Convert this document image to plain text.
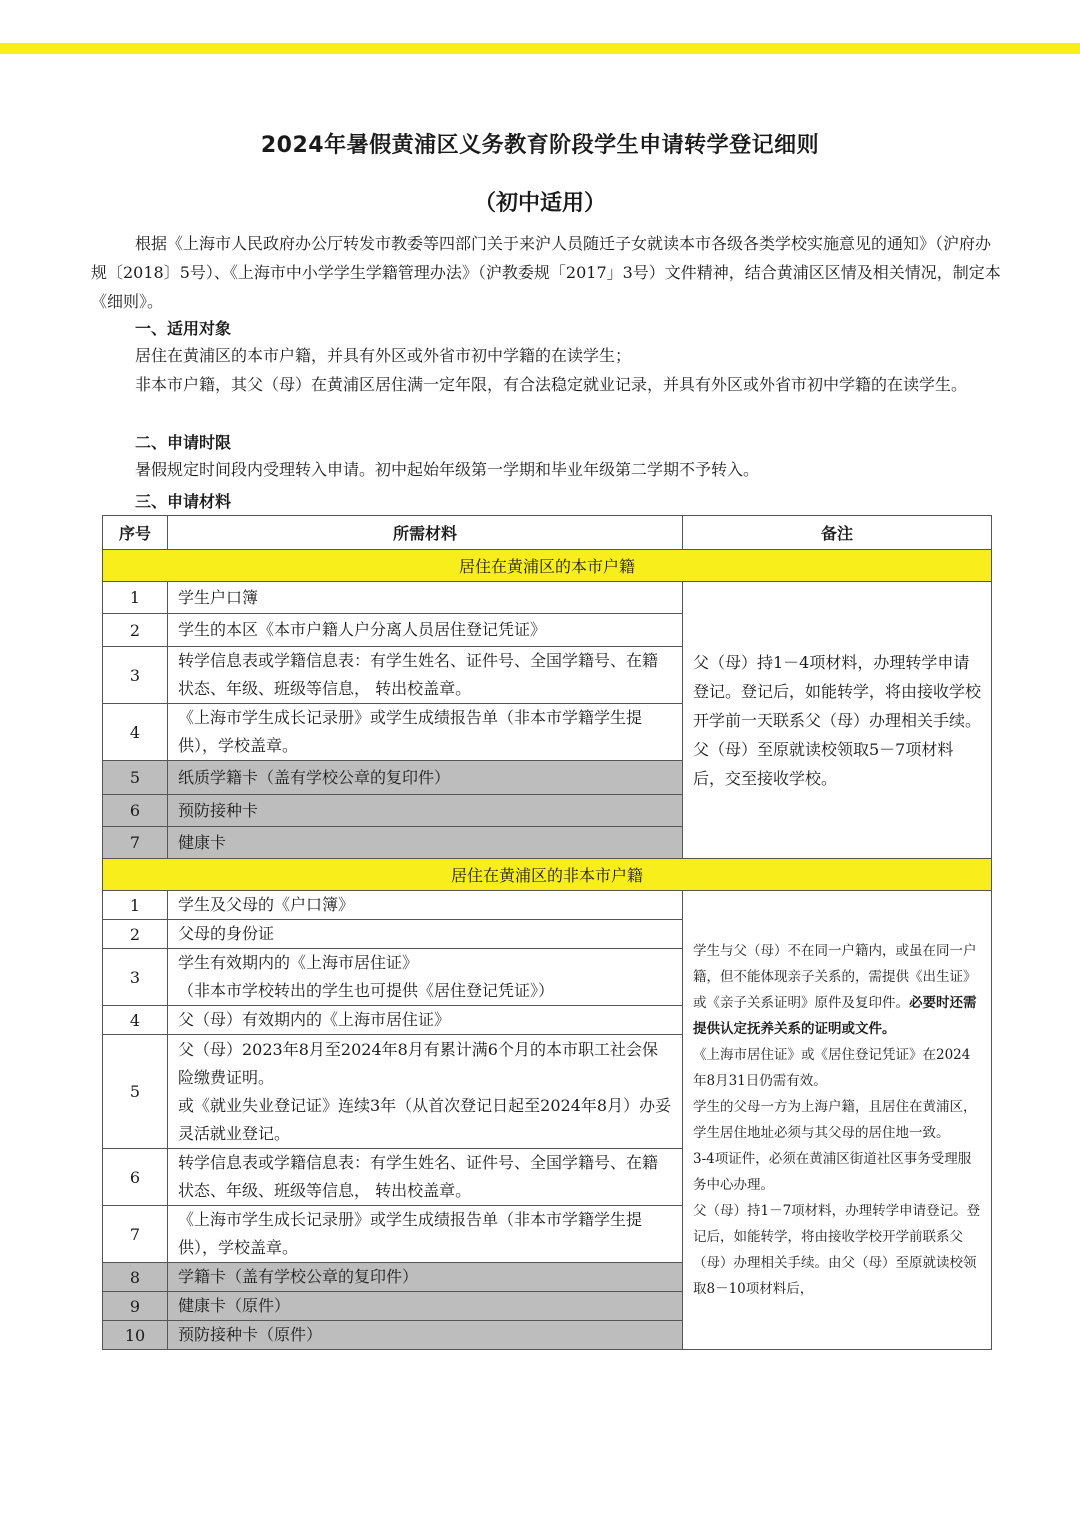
2024年暑假黄浦区义务教育阶段学生申请转学登记细则
（初中适用）
根据《上海市人民政府办公厅转发市教委等四部门关于来沪人员随迁子女就读本市各级各类学校实施意见的通知》（沪府办规〔2018〕5号）、《上海市中小学学生学籍管理办法》（沪教委规「2017」3号）文件精神，结合黄浦区区情及相关情况，制定本《细则》。
一、适用对象
居住在黄浦区的本市户籍，并具有外区或外省市初中学籍的在读学生；
非本市户籍，其父（母）在黄浦区居住满一定年限，有合法稳定就业记录，并具有外区或外省市初中学籍的在读学生。
二、申请时限
暑假规定时间段内受理转入申请。初中起始年级第一学期和毕业年级第二学期不予转入。
三、申请材料
序号	所需材料	备注
居住在黄浦区的本市户籍		
1	学生户口簿	父（母）持1－4项材料，办理转学申请登记。登记后，如能转学，将由接收学校开学前一天联系父（母）办理相关手续。

父（母）至原就读校领取5－7项材料后，交至接收学校。

2	学生的本区《本市户籍人户分离人员居住登记凭证》	
3	转学信息表或学籍信息表：有学生姓名、证件号、全国学籍号、在籍状态、年级、班级等信息， 转出校盖章。	
4	《上海市学生成长记录册》或学生成绩报告单（非本市学籍学生提供），学校盖章。	
5	纸质学籍卡（盖有学校公章的复印件）	
6	预防接种卡	
7	健康卡	
居住在黄浦区的非本市户籍		
1	学生及父母的《户口簿》	学生与父（母）不在同一户籍内，或虽在同一户籍，但不能体现亲子关系的，需提供《出生证》或《亲子关系证明》原件及复印件。必要时还需提供认定抚养关系的证明或文件。

《上海市居住证》或《居住登记凭证》在2024年8月31日仍需有效。

学生的父母一方为上海户籍，且居住在黄浦区，学生居住地址必须与其父母的居住地一致。

3-4项证件，必须在黄浦区街道社区事务受理服务中心办理。

父（母）持1－7项材料，办理转学申请登记。登记后，如能转学，将由接收学校开学前联系父（母）办理相关手续。由父（母）至原就读校领取8－10项材料后，

2	父母的身份证	
3	学生有效期内的《上海市居住证》
（非本市学校转出的学生也可提供《居住登记凭证》）	

4	父（母）有效期内的《上海市居住证》	
5	父（母）2023年8月至2024年8月有累计满6个月的本市职工社会保险缴费证明。
或《就业失业登记证》连续3年（从首次登记日起至2024年8月）办妥灵活就业登记。	

6	转学信息表或学籍信息表：有学生姓名、证件号、全国学籍号、在籍状态、年级、班级等信息， 转出校盖章。	
7	《上海市学生成长记录册》或学生成绩报告单（非本市学籍学生提供），学校盖章。	
8	学籍卡（盖有学校公章的复印件）	
9	健康卡（原件）	
10	预防接种卡（原件）	
